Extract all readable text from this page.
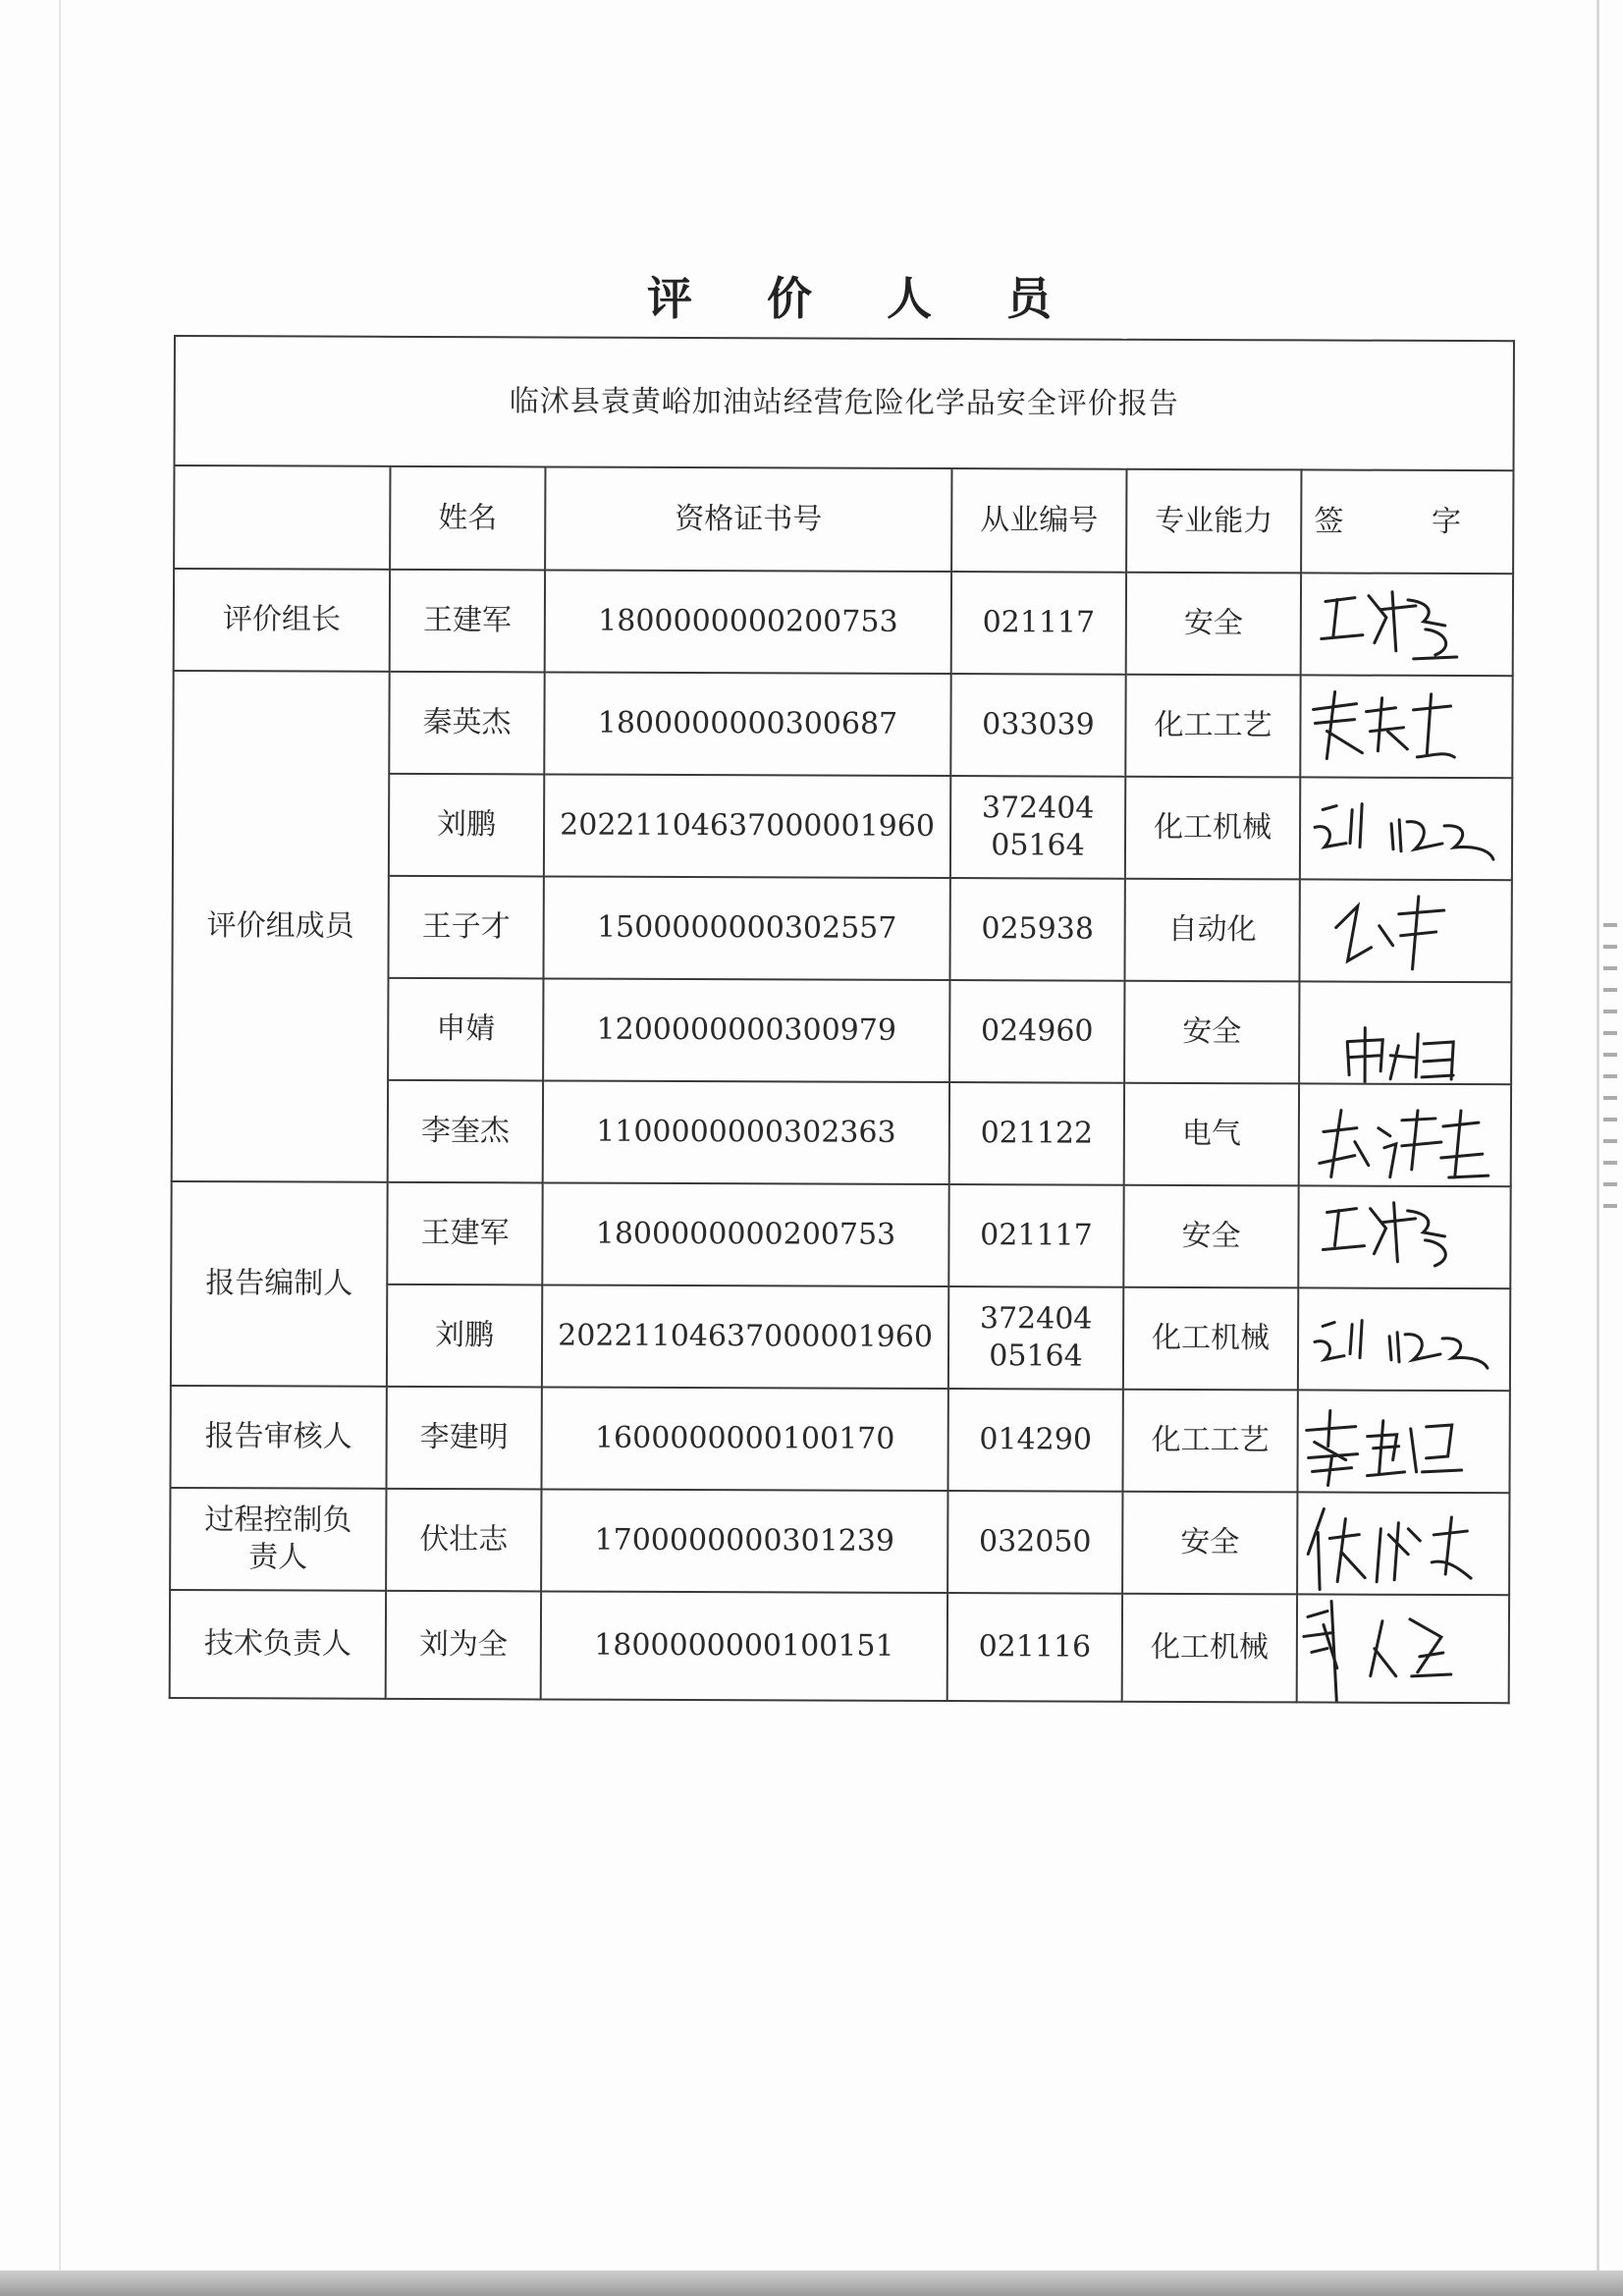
评 价 人 员
临沭县袁黄峪加油站经营危险化学品安全评价报告					
	姓名	资格证书号	从业编号	专业能力	签 字
评价组长	王建军	1800000000200753	021117	安全	

评价组成员	秦英杰	1800000000300687	033039	化工工艺	

	刘鹏	20221104637000001960	372404
05164	化工机械	

	王子才	1500000000302557	025938	自动化	

	申婧	1200000000300979	024960	安全	

	李奎杰	1100000000302363	021122	电气	

报告编制人	王建军	1800000000200753	021117	安全	

	刘鹏	20221104637000001960	372404
05164	化工机械	

报告审核人	李建明	1600000000100170	014290	化工工艺	

过程控制负
责人	伏壮志	1700000000301239	032050	安全	

技术负责人	刘为全	1800000000100151	021116	化工机械	
